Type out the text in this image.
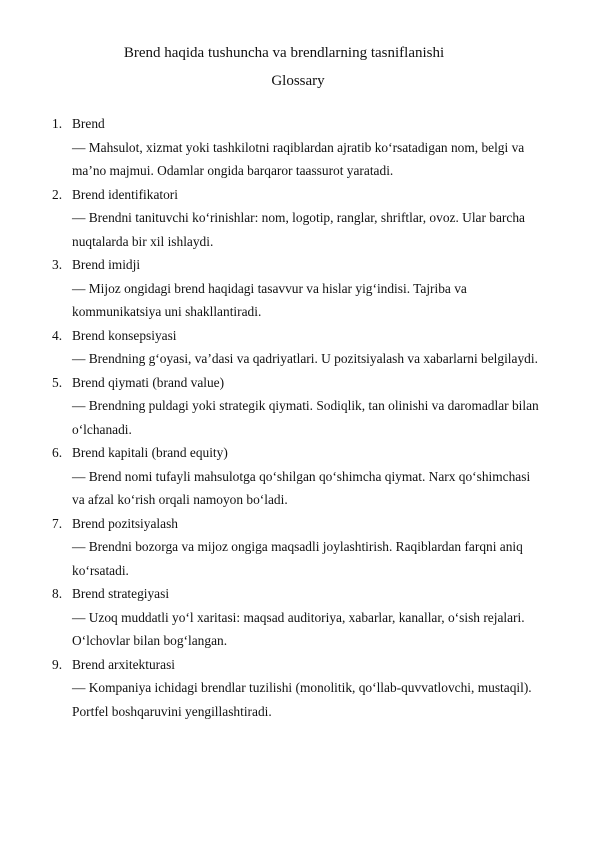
Brend haqida tushuncha va brendlarning tasniflanishi
Glossary
1. Brend

— Mahsulot, xizmat yoki tashkilotni raqiblardan ajratib ko‘rsatadigan nom, belgi va ma’no majmui. Odamlar ongida barqaror taassurot yaratadi.

2. Brend identifikatori

— Brendni tanituvchi ko‘rinishlar: nom, logotip, ranglar, shriftlar, ovoz. Ular barcha nuqtalarda bir xil ishlaydi.

3. Brend imidji

— Mijoz ongidagi brend haqidagi tasavvur va hislar yig‘indisi. Tajriba va kommunikatsiya uni shakllantiradi.

4. Brend konsepsiyasi

— Brendning g‘oyasi, va’dasi va qadriyatlari. U pozitsiyalash va xabarlarni belgilaydi.

5. Brend qiymati (brand value)

— Brendning puldagi yoki strategik qiymati. Sodiqlik, tan olinishi va daromadlar bilan o‘lchanadi.

6. Brend kapitali (brand equity)

— Brend nomi tufayli mahsulotga qo‘shilgan qo‘shimcha qiymat. Narx qo‘shimchasi va afzal ko‘rish orqali namoyon bo‘ladi.

7. Brend pozitsiyalash

— Brendni bozorga va mijoz ongiga maqsadli joylashtirish. Raqiblardan farqni aniq ko‘rsatadi.

8. Brend strategiyasi

— Uzoq muddatli yo‘l xaritasi: maqsad auditoriya, xabarlar, kanallar, o‘sish rejalari. O‘lchovlar bilan bog‘langan.

9. Brend arxitekturasi

— Kompaniya ichidagi brendlar tuzilishi (monolitik, qo‘llab-quvvatlovchi, mustaqil). Portfel boshqaruvini yengillashtiradi.
